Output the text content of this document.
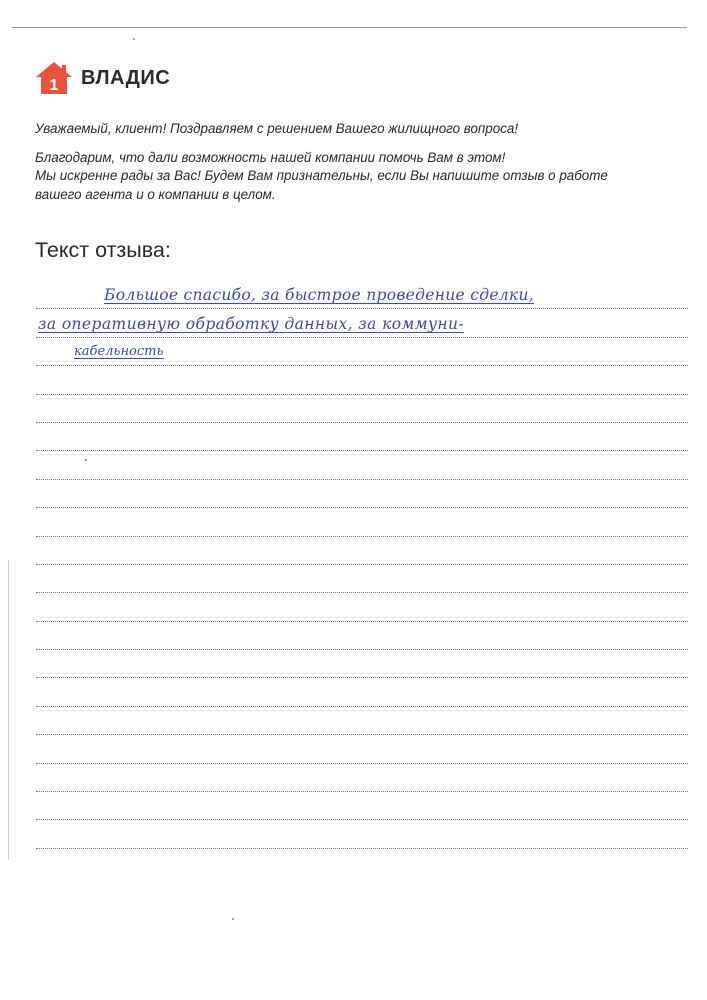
1 ВЛАДИС

Уважаемый, клиент! Поздравляем с решением Вашего жилищного вопроса!

Благодарим, что дали возможность нашей компании помочь Вам в этом!

Мы искренне рады за Вас! Будем Вам признательны, если Вы напишите отзыв о работе

вашего агента и о компании в целом.

Текст отзыва:
Большое спасибо, за быстрое проведение сделки,
за оперативную обработку данных, за коммуни-
кабельность
